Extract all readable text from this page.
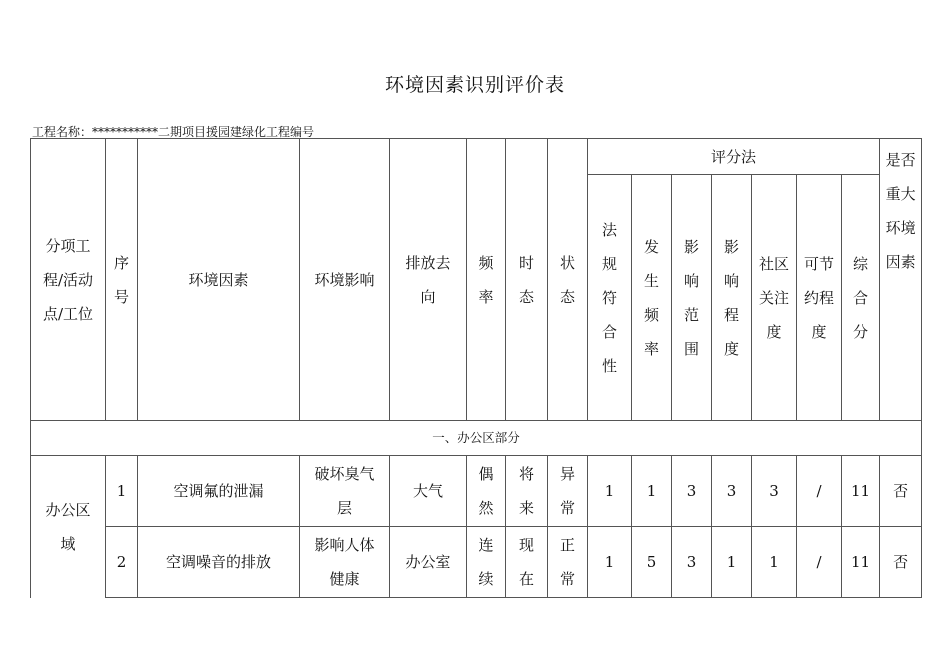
环境因素识别评价表
工程名称：***********二期项目援园建绿化工程编号
分项工程/活动点/工位	序号	环境因素	环境影响	排放去向	频率	时态	状态	评分法							是否重大环境因素
								法规符合性	发生频率	影响范围	影响程度	社区关注度	可节约程度	综合分	
一、办公区部分															
办公区域	1	空调氟的泄漏	破坏臭气层	大气	偶然	将来	异常	1	1	3	3	3	/	11	否
	2	空调噪音的排放	影响人体健康	办公室	连续	现在	正常	1	5	3	1	1	/	11	否
